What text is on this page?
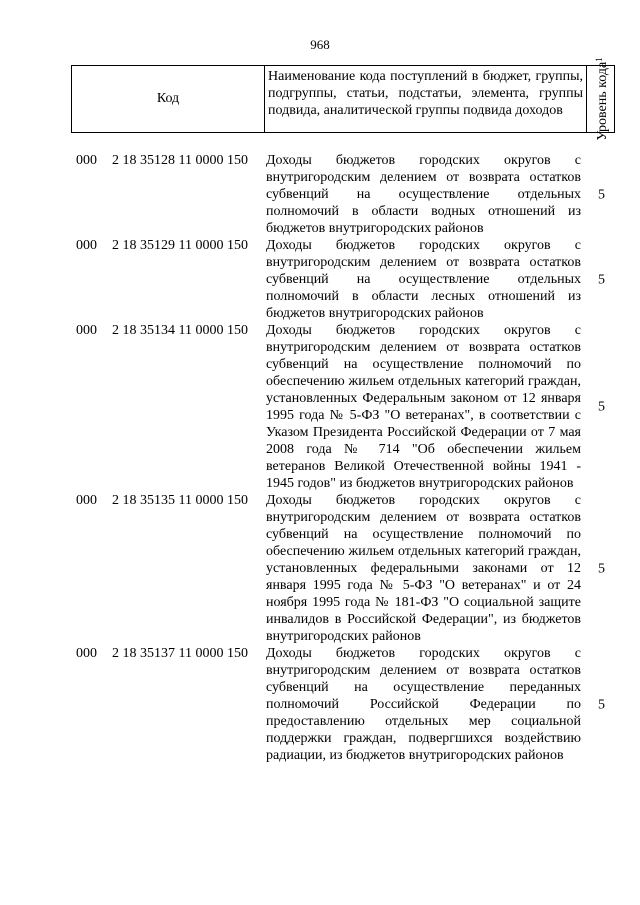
968
Код
Наименование кода поступлений в бюджет, группы, подгруппы, статьи, подстатьи, элемента, группы подвида, аналитической группы подвида доходов	Уровень кода$^1$
000 2 18 35128 11 0000 150 Доходы бюджетов городских округов с внутригородским делением от возврата остатков субвенций на осуществление отдельных полномочий в области водных отношений из бюджетов внутригородских районов
5
000 2 18 35129 11 0000 150 Доходы бюджетов городских округов с внутригородским делением от возврата остатков субвенций на осуществление отдельных полномочий в области лесных отношений из бюджетов внутригородских районов
5
000 2 18 35134 11 0000 150 Доходы бюджетов городских округов с внутригородским делением от возврата остатков субвенций на осуществление полномочий по обеспечению жильем отдельных категорий граждан, установленных Федеральным законом от 12 января 1995 года № 5-ФЗ "О ветеранах", в соответствии с Указом Президента Российской Федерации от 7 мая 2008 года № 714 "Об обеспечении жильем ветеранов Великой Отечественной войны 1941 - 1945 годов" из бюджетов внутригородских районов
5
000 2 18 35135 11 0000 150 Доходы бюджетов городских округов с внутригородским делением от возврата остатков субвенций на осуществление полномочий по обеспечению жильем отдельных категорий граждан, установленных федеральными законами от 12 января 1995 года № 5-ФЗ "О ветеранах" и от 24 ноября 1995 года № 181-ФЗ "О социальной защите инвалидов в Российской Федерации", из бюджетов внутригородских районов
5
000 2 18 35137 11 0000 150 Доходы бюджетов городских округов с внутригородским делением от возврата остатков субвенций на осуществление переданных полномочий Российской Федерации по предоставлению отдельных мер социальной поддержки граждан, подвергшихся воздействию радиации, из бюджетов внутригородских районов
5
